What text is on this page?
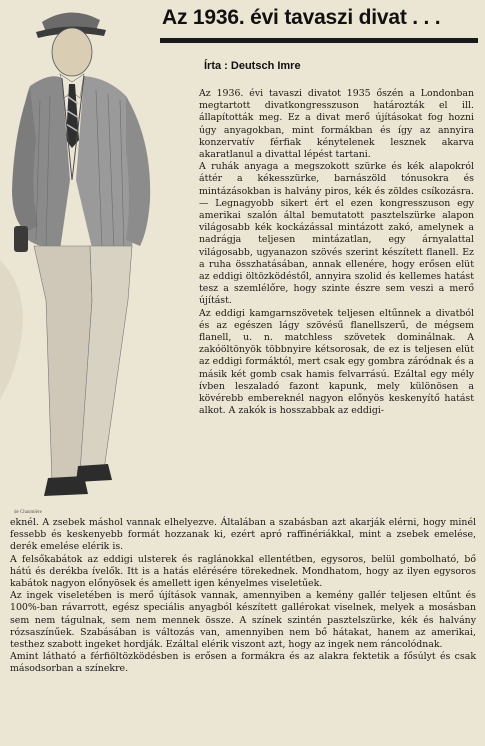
de Chaumière
Az 1936. évi tavaszi divat . . .
Írta : Deutsch Imre

Az 1936. évi tavaszi divatot 1935 őszén a Londonban megtartott divatkongresszuson határozták el ill. állapították meg. Ez a divat merő újításokat fog hozni úgy anyagokban, mint formákban és így az annyira konzervatív férfiak kénytelenek lesznek akarva akaratlanul a divattal lépést tartani.

A ruhák anyaga a megszokott szürke és kék alapokról áttér a kékesszürke, barnászöld tónusokra és mintázásokban is halvány piros, kék és zöldes csíkozásra. — Legnagyobb sikert ért el ezen kongresszuson egy amerikai szalón által bemutatott pasztelszürke alapon világosabb kék kockázással mintázott zakó, amelynek a nadrágja teljesen mintázatlan, egy árnyalattal világosabb, ugyanazon szövés szerint készített flanell. Ez a ruha összhatásában, annak ellenére, hogy erősen elüt az eddigi öltözködéstől, annyira szolid és kellemes hatást tesz a szemlélőre, hogy szinte észre sem veszi a merő újítást.

Az eddigi kamgarnszövetek teljesen eltűnnek a divatból és az egészen lágy szövésű flanellszerű, de mégsem flanell, u. n. matchless szövetek dominálnak. A zakóöltönyök többnyire kétsorosak, de ez is teljesen elüt az eddigi formáktól, mert csak egy gombra záródnak és a másik két gomb csak hamis felvarrású. Ezáltal egy mély ívben leszaladó fazont kapunk, mely különösen a kövérebb embereknél nagyon előnyös keskenyítő hatást alkot. A zakók is hosszabbak az eddigi-

eknél. A zsebek máshol vannak elhelyezve. Általában a szabásban azt akarják elérni, hogy minél fessebb és keskenyebb formát hozzanak ki, ezért apró raffinériákkal, mint a zsebek emelése, derék emelése elérik is.

A felsőkabátok az eddigi ulsterek és raglánokkal ellentétben, egysoros, belül gombolható, bő hátú és derékba ívelők. Itt is a hatás elérésére törekednek. Mondhatom, hogy az ilyen egysoros kabátok nagyon előnyösek és amellett igen kényelmes viseletűek.

Az ingek viseletében is merő újítások vannak, amennyiben a kemény gallér teljesen eltűnt és 100%-ban rávarrott, egész speciális anyagból készített gallérokat viselnek, melyek a mosásban sem nem tágulnak, sem nem mennek össze. A színek szintén pasztelszürke, kék és halvány rózsaszínűek. Szabásában is változás van, amennyiben nem bő hátakat, hanem az amerikai, testhez szabott ingeket hordják. Ezáltal elérik viszont azt, hogy az ingek nem ráncolódnak.

Amint látható a férfiöltözködésben is erősen a formákra és az alakra fektetik a fősúlyt és csak másodsorban a színekre.
